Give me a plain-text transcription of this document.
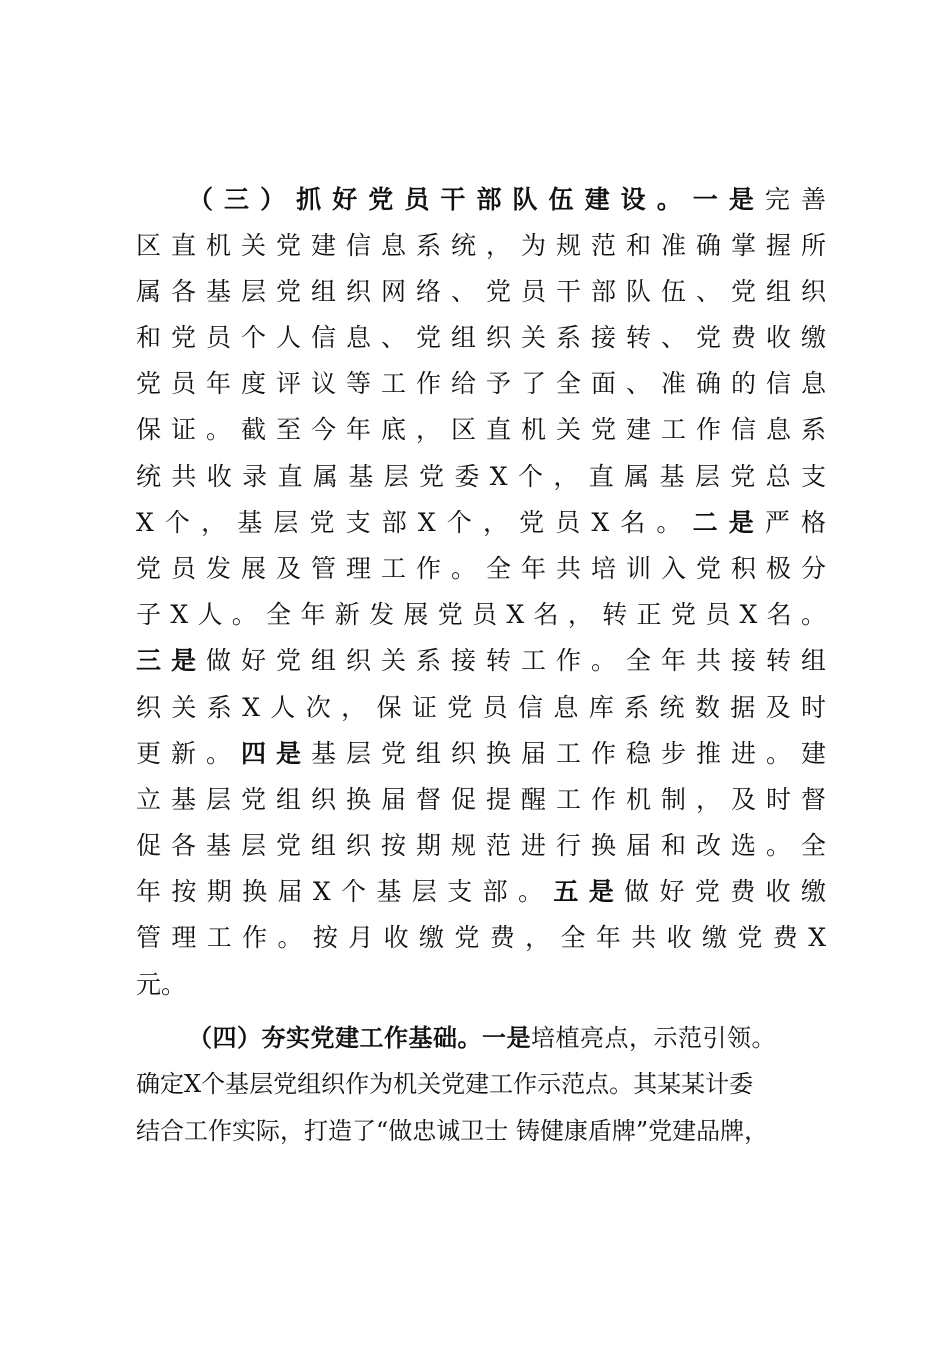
（三）抓好党员干部队伍建设。一是完善
区直机关党建信息系统，为规范和准确掌握所
属各基层党组织网络、党员干部队伍、党组织
和党员个人信息、党组织关系接转、党费收缴
党员年度评议等工作给予了全面、准确的信息
保证。截至今年底，区直机关党建工作信息系
统共收录直属基层党委X个，直属基层党总支
X个，基层党支部X个，党员X名。二是严格
党员发展及管理工作。全年共培训入党积极分
子X人。全年新发展党员X名，转正党员X名。
三是做好党组织关系接转工作。全年共接转组
织关系X人次，保证党员信息库系统数据及时
更新。四是基层党组织换届工作稳步推进。建
立基层党组织换届督促提醒工作机制，及时督
促各基层党组织按期规范进行换届和改选。全
年按期换届X个基层支部。五是做好党费收缴
管理工作。按月收缴党费，全年共收缴党费X
元。
（四）夯实党建工作基础。一是培植亮点，示范引领。
确定X个基层党组织作为机关党建工作示范点。其某某计委
结合工作实际，打造了“做忠诚卫士 铸健康盾牌”党建品牌，
